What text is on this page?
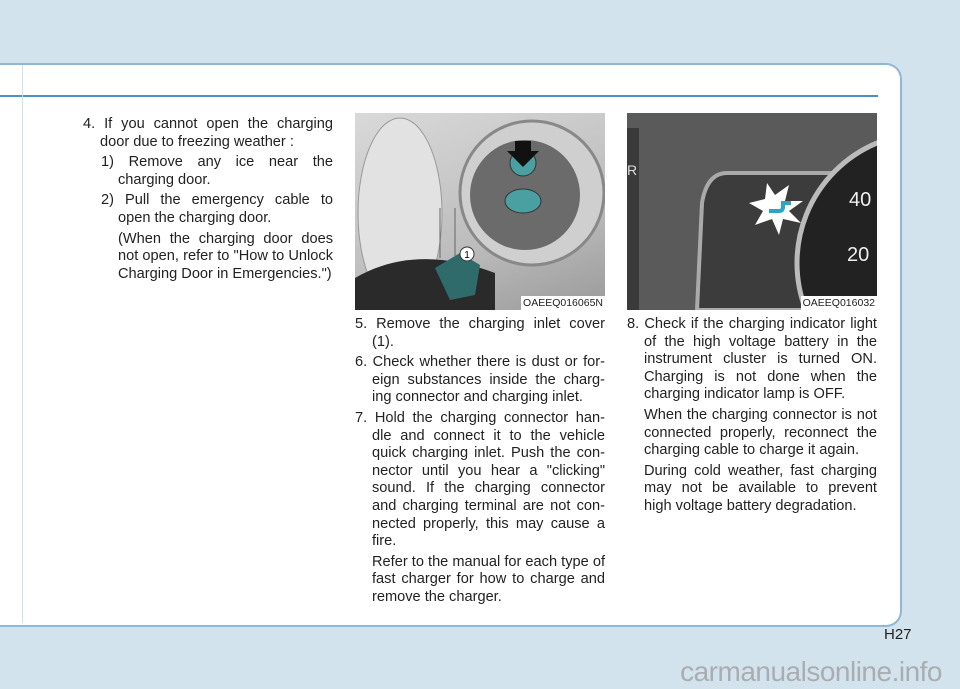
4. If you cannot open the charging door due to freezing weather :

1) Remove any ice near the charging door.

2) Pull the emergency cable to open the charging door.

(When the charging door does not open, refer to "How to Unlock Charging Door in Emergencies.")

1
OAEEQ016065N
R
40
20
OAEEQ016032

5. Remove the charging inlet cover (1).

6. Check whether there is dust or for- eign substances inside the charg- ing connector and charging inlet.

7. Hold the charging connector han- dle and connect it to the vehicle quick charging inlet. Push the con- nector until you hear a "clicking" sound. If the charging connector and charging terminal are not con- nected properly, this may cause a fire.

Refer to the manual for each type of fast charger for how to charge and remove the charger.

8. Check if the charging indicator light of the high voltage battery in the instrument cluster is turned ON. Charging is not done when the charging indicator lamp is OFF.

When the charging connector is not connected properly, reconnect the charging cable to charge it again.

During cold weather, fast charging may not be available to prevent high voltage battery degradation.

H27
carmanualsonline.info
